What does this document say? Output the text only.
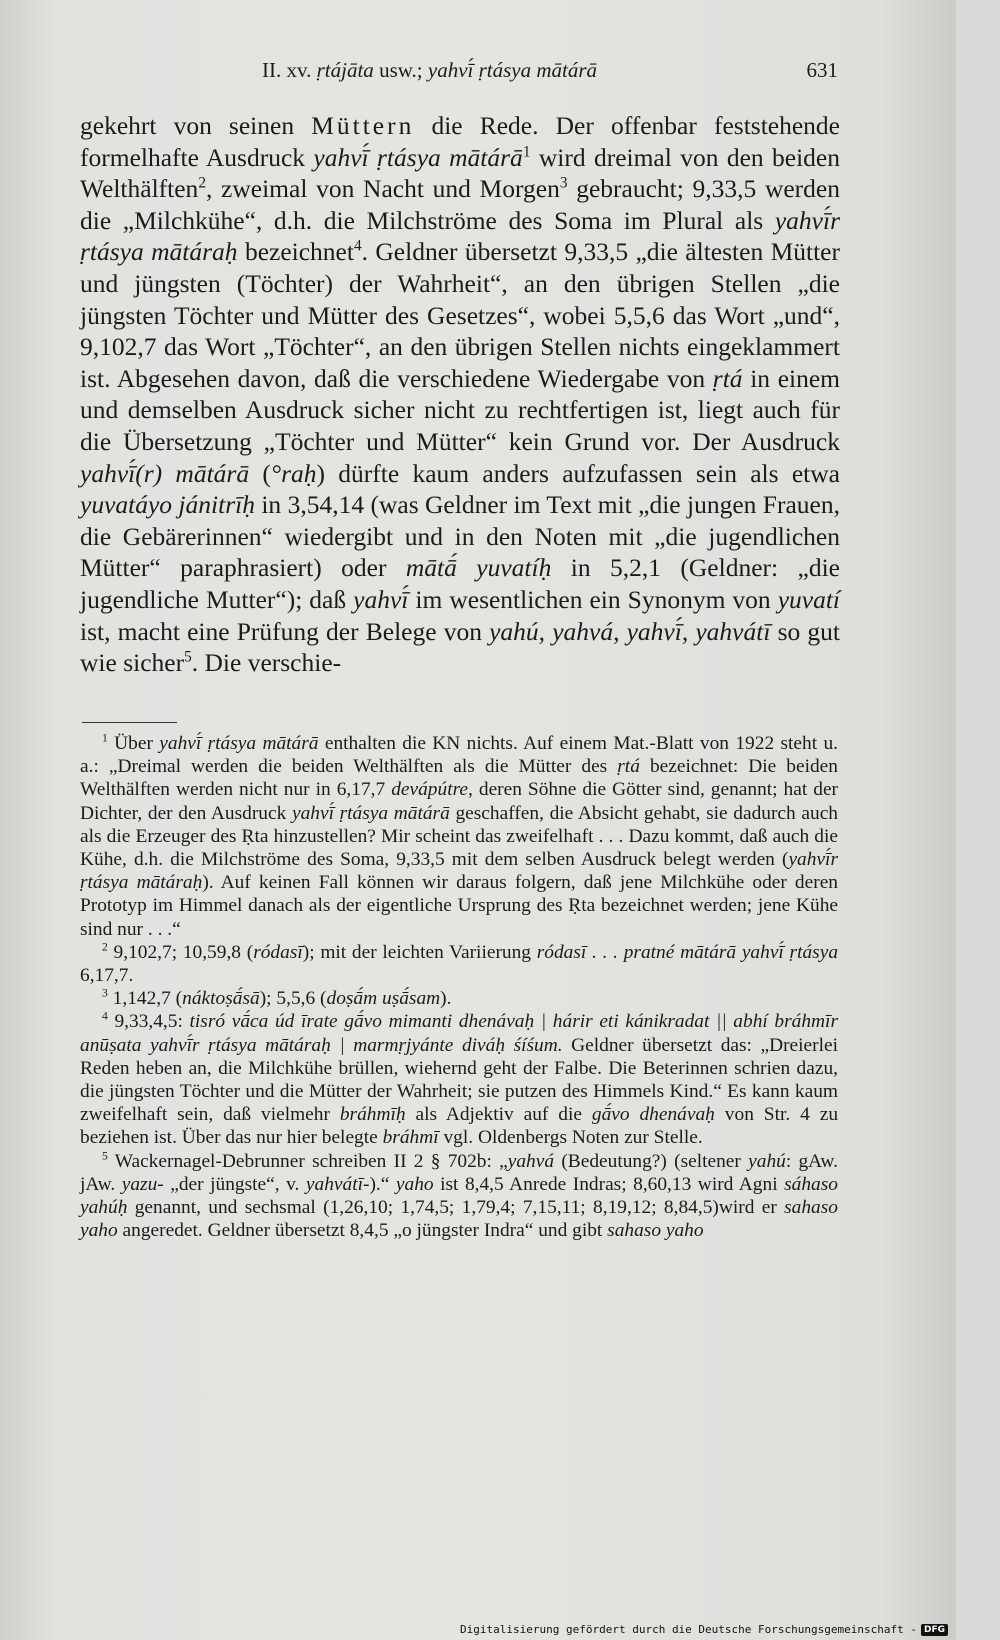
II. xv. ṛtájāta usw.; yahvī́ ṛtásya mātárā	631

gekehrt von seinen Müttern die Rede. Der offenbar feststehende formelhafte Ausdruck yahvī́ ṛtásya mātárā$^1$ wird dreimal von den beiden Welthälften$^2$, zweimal von Nacht und Morgen$^3$ gebraucht; 9,33,5 werden die „Milchkühe“, d.h. die Milchströme des Soma im Plural als yahvī́r ṛtásya mātáraḥ bezeichnet$^4$. Geldner übersetzt 9,33,5 „die ältesten Mütter und jüngsten (Töchter) der Wahrheit“, an den übrigen Stellen „die jüngsten Töchter und Mütter des Gesetzes“, wobei 5,5,6 das Wort „und“, 9,102,7 das Wort „Töchter“, an den übrigen Stellen nichts eingeklammert ist. Abgesehen davon, daß die verschiedene Wiedergabe von ṛtá in einem und demselben Ausdruck sicher nicht zu rechtfertigen ist, liegt auch für die Übersetzung „Töchter und Mütter“ kein Grund vor. Der Ausdruck yahvī́(r) mātárā (°raḥ) dürfte kaum anders aufzufassen sein als etwa yuvatáyo jánitrīḥ in 3,54,14 (was Geldner im Text mit „die jungen Frauen, die Gebärerinnen“ wiedergibt und in den Noten mit „die jugendlichen Mütter“ paraphrasiert) oder mātā́ yuvatíḥ in 5,2,1 (Geldner: „die jugendliche Mutter“); daß yahvī́ im wesentlichen ein Synonym von yuvatí ist, macht eine Prüfung der Belege von yahú, yahvá, yahvī́, yahvátī so gut wie sicher$^5$. Die verschie-

$^1$ Über yahvī́ ṛtásya mātárā enthalten die KN nichts. Auf einem Mat.-Blatt von 1922 steht u. a.: „Dreimal werden die beiden Welthälften als die Mütter des ṛtá bezeichnet: Die beiden Welthälften werden nicht nur in 6,17,7 devápútre, deren Söhne die Götter sind, genannt; hat der Dichter, der den Ausdruck yahvī́ ṛtásya mātárā geschaffen, die Absicht gehabt, sie dadurch auch als die Erzeuger des Ṛta hinzustellen? Mir scheint das zweifelhaft . . . Dazu kommt, daß auch die Kühe, d.h. die Milchströme des Soma, 9,33,5 mit dem selben Ausdruck belegt werden (yahvī́r ṛtásya mātáraḥ). Auf keinen Fall können wir daraus folgern, daß jene Milchkühe oder deren Prototyp im Himmel danach als der eigentliche Ursprung des Ṛta bezeichnet werden; jene Kühe sind nur . . .“

$^2$ 9,102,7; 10,59,8 (ródasī); mit der leichten Variierung ródasī . . . pratné mātárā yahvī́ ṛtásya 6,17,7.

$^3$ 1,142,7 (náktoṣā́sā); 5,5,6 (doṣā́m uṣā́sam).

$^4$ 9,33,4,5: tisró vā́ca úd īrate gā́vo mimanti dhenávaḥ | hárir eti kánikradat || abhí bráhmīr anūṣata yahvī́r ṛtásya mātáraḥ | marmṛjyánte diváḥ śíśum. Geldner übersetzt das: „Dreierlei Reden heben an, die Milchkühe brüllen, wiehernd geht der Falbe. Die Beterinnen schrien dazu, die jüngsten Töchter und die Mütter der Wahrheit; sie putzen des Himmels Kind.“ Es kann kaum zweifelhaft sein, daß vielmehr bráhmīḥ als Adjektiv auf die gā́vo dhenávaḥ von Str. 4 zu beziehen ist. Über das nur hier belegte bráhmī vgl. Oldenbergs Noten zur Stelle.

$^5$ Wackernagel-Debrunner schreiben II 2 § 702b: „yahvá (Bedeutung?) (seltener yahú: gAw. jAw. yazu- „der jüngste“, v. yahvátī-).“ yaho ist 8,4,5 Anrede Indras; 8,60,13 wird Agni sáhaso yahúḥ genannt, und sechsmal (1,26,10; 1,74,5; 1,79,4; 7,15,11; 8,19,12; 8,84,5)wird er sahaso yaho angeredet. Geldner übersetzt 8,4,5 „o jüngster Indra“ und gibt sahaso yaho

Digitalisierung gefördert durch die Deutsche Forschungsgemeinschaft - DFG
